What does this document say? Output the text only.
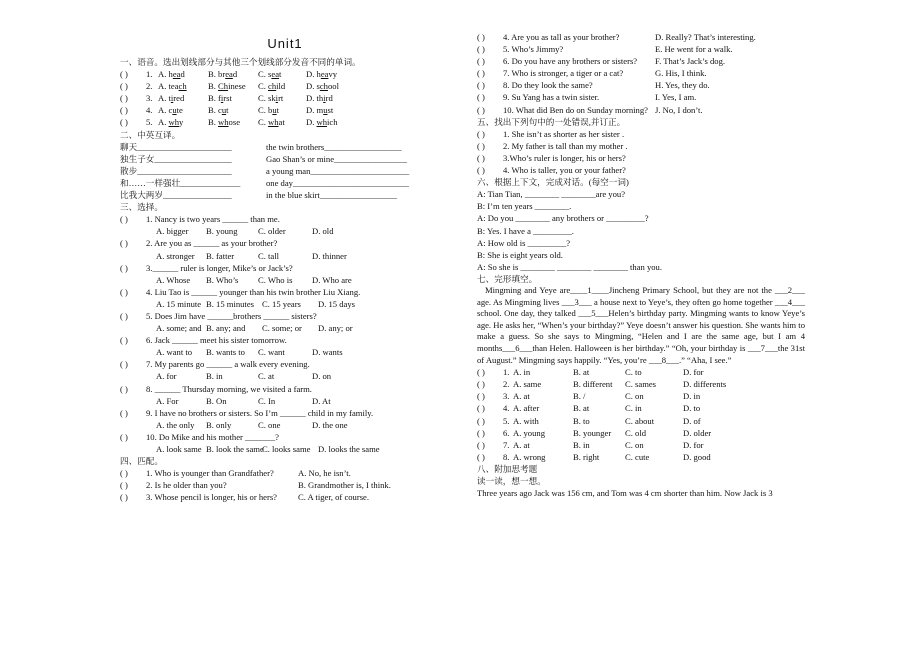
Unit1
一、语音。选出划线部分与其他三个划线部分发音不同的单词。
( )	1. A. head	B. bread	C. seat	D. heavy
( )	2. A. teach	B. Chinese	C. child	D. school
( )	3. A. tired	B. first	C. skirt	D. third
( )	4. A. cute	B. cut	C. but	D. must
( )	5. A. why	B. whose	C. what	D. which
二、中英互译。
聊天______________________	the twin brothers__________________
独生子女__________________	Gao Shan’s or mine_________________
散步______________________	a young man_______________________
和……一样强壮______________	one day___________________________
比我大两岁________________	in the blue skirt__________________
三、选择。
( )	1. Nancy is two years ______ than me.
A. bigger	B. young	C. older	D. old
( )	2. Are you as ______ as your brother?
A. stronger	B. fatter	C. tall	D. thinner
( )	3.______ ruler is longer, Mike’s or Jack’s?
A. Whose	B. Who’s	C. Who is	D. Who are
( )	4. Liu Tao is ______ younger than his twin brother Liu Xiang.
A. 15 minute B. 15 minutes C. 15 years	D. 15 days
( )	5. Does Jim have ______brothers ______ sisters?
A. some; and B. any; and	C. some; or	D. any; or
( )	6. Jack ______ meet his sister tomorrow.
A. want to	B. wants to	C. want	D. wants
( )	7. My parents go ______ a walk every evening.
A. for	B. in	C. at	D. on
( )	8. ______ Thursday morning, we visited a farm.
A. For	B. On	C. In	D. At
( )	9. I have no brothers or sisters. So I’m ______ child in my family.
A. the only	B. only	C. one	D. the one
( )	10. Do Mike and his mother _______?
A. look same B. look the same
C. looks same D. looks the same
四、匹配。
( )	1. Who is younger than Grandfather?	A. No, he isn’t.
( )	2. Is he older than you?	B. Grandmother is, I think.
( )	3. Whose pencil is longer, his or hers?	C. A tiger, of course.
( )	4. Are you as tall as your brother?	D. Really? That’s interesting.
( )	5. Who’s Jimmy?	E. He went for a walk.
( )	6. Do you have any brothers or sisters?	F. That’s Jack’s dog.
( )	7. Who is stronger, a tiger or a cat?	G. His, I think.
( )	8. Do they look the same?	H. Yes, they do.
( )	9. Su Yang has a twin sister.	I. Yes, I am.
( )	10. What did Ben do on Sunday morning? J. No, I don’t.
五、找出下列句中的一处错误,并订正。
( )	1. She isn’t as shorter as her sister .
( )	2. My father is tall than my mother .
( )	3.Who’s ruler is longer, his or hers?
( )	4. Who is taller, you or your father?
六、根据上下文，完成对话。(每空一词)
A: Tian Tian, ________ ________are you?
B: I’m ten years ________.
A: Do you ________ any brothers or _________?
B: Yes. I have a _________.
A: How old is _________?
B: She is eight years old.
A: So she is ________ ________ ________ than you.
七、完形填空。
Mingming and Yeye are____1____Jincheng Primary School, but they are not the ___2___ age. As Mingming lives ___3___ a house next to Yeye’s, they often go home together ___4___ school. One day, they talked ___5___Helen’s birthday party. Mingming wants to know Yeye’s age. He asks her, “When’s your birthday?” Yeye doesn’t answer his question. She wants him to make a guess. So she says to Mingming, “Helen and I are the same age, but I am 4 months___6___than Helen. Halloween is her birthday.” “Oh, your birthday is ___7___the 31st of August.” Mingming says happily. “Yes, you’re ___8___.” “Aha, I see.”
( )	1. A. in	B. at	C. to	D. for
( )	2. A. same	B. different	C. sames	D. differents
( )	3. A. at	B. /	C. on	D. in
( )	4. A. after	B. at	C. in	D. to
( )	5. A. with	B. to	C. about	D. of
( )	6. A. young	B. younger	C. old	D. older
( )	7. A. at	B. in	C. on	D. for
( )	8. A. wrong	B. right	C. cute	D. good
八、附加思考题
读一读，想一想。
Three years ago Jack was 156 cm, and Tom was 4 cm shorter than him. Now Jack is 3
